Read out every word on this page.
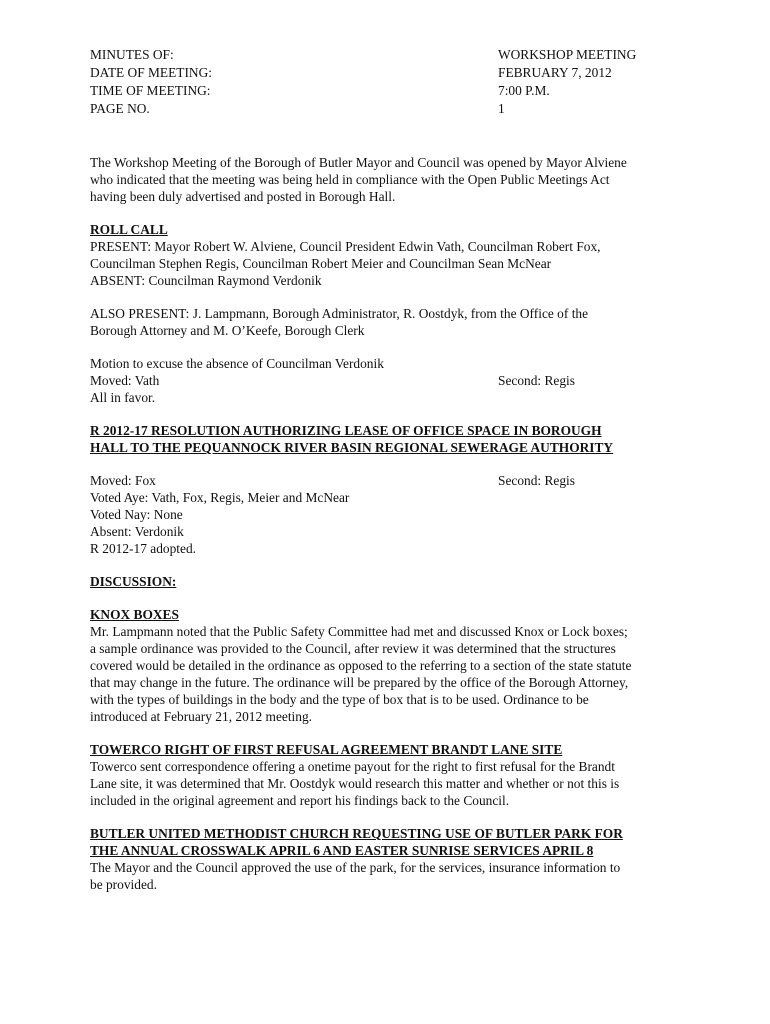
MINUTES OF:	WORKSHOP MEETING
DATE OF MEETING:	FEBRUARY 7, 2012
TIME OF MEETING:	7:00 P.M.
PAGE NO.	1

The Workshop Meeting of the Borough of Butler Mayor and Council was opened by Mayor Alviene

who indicated that the meeting was being held in compliance with the Open Public Meetings Act

having been duly advertised and posted in Borough Hall.

ROLL CALL

PRESENT: Mayor Robert W. Alviene, Council President Edwin Vath, Councilman Robert Fox,

Councilman Stephen Regis, Councilman Robert Meier and Councilman Sean McNear

ABSENT: Councilman Raymond Verdonik

ALSO PRESENT: J. Lampmann, Borough Administrator, R. Oostdyk, from the Office of the

Borough Attorney and M. O’Keefe, Borough Clerk

Motion to excuse the absence of Councilman Verdonik

Moved: Vath	Second: Regis

All in favor.

R 2012-17 RESOLUTION AUTHORIZING LEASE OF OFFICE SPACE IN BOROUGH

HALL TO THE PEQUANNOCK RIVER BASIN REGIONAL SEWERAGE AUTHORITY

Moved: Fox	Second: Regis

Voted Aye: Vath, Fox, Regis, Meier and McNear

Voted Nay: None

Absent: Verdonik

R 2012-17 adopted.

DISCUSSION:

KNOX BOXES

Mr. Lampmann noted that the Public Safety Committee had met and discussed Knox or Lock boxes;

a sample ordinance was provided to the Council, after review it was determined that the structures

covered would be detailed in the ordinance as opposed to the referring to a section of the state statute

that may change in the future. The ordinance will be prepared by the office of the Borough Attorney,

with the types of buildings in the body and the type of box that is to be used. Ordinance to be

introduced at February 21, 2012 meeting.

TOWERCO RIGHT OF FIRST REFUSAL AGREEMENT BRANDT LANE SITE

Towerco sent correspondence offering a onetime payout for the right to first refusal for the Brandt

Lane site, it was determined that Mr. Oostdyk would research this matter and whether or not this is

included in the original agreement and report his findings back to the Council.

BUTLER UNITED METHODIST CHURCH REQUESTING USE OF BUTLER PARK FOR

THE ANNUAL CROSSWALK APRIL 6 AND EASTER SUNRISE SERVICES APRIL 8

The Mayor and the Council approved the use of the park, for the services, insurance information to

be provided.
